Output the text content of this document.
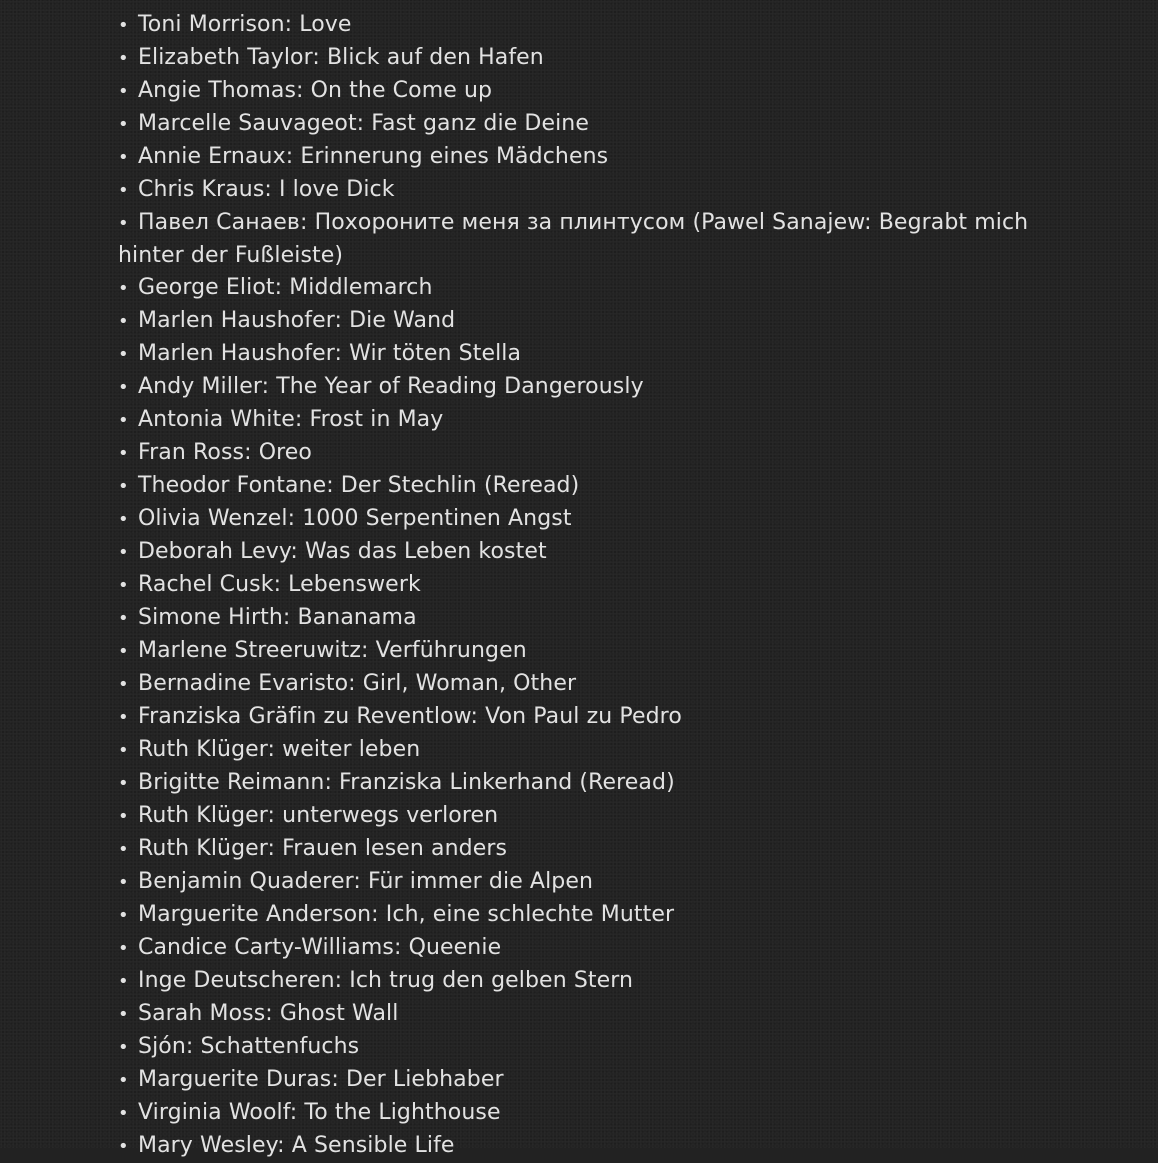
• Toni Morrison: Love
• Elizabeth Taylor: Blick auf den Hafen
• Angie Thomas: On the Come up
• Marcelle Sauvageot: Fast ganz die Deine
• Annie Ernaux: Erinnerung eines Mädchens
• Chris Kraus: I love Dick
• Павел Санаев: Похороните меня за плинтусом (Pawel Sanajew: Begrabt mich hinter der Fußleiste)
• George Eliot: Middlemarch
• Marlen Haushofer: Die Wand
• Marlen Haushofer: Wir töten Stella
• Andy Miller: The Year of Reading Dangerously
• Antonia White: Frost in May
• Fran Ross: Oreo
• Theodor Fontane: Der Stechlin (Reread)
• Olivia Wenzel: 1000 Serpentinen Angst
• Deborah Levy: Was das Leben kostet
• Rachel Cusk: Lebenswerk
• Simone Hirth: Bananama
• Marlene Streeruwitz: Verführungen
• Bernadine Evaristo: Girl, Woman, Other
• Franziska Gräfin zu Reventlow: Von Paul zu Pedro
• Ruth Klüger: weiter leben
• Brigitte Reimann: Franziska Linkerhand (Reread)
• Ruth Klüger: unterwegs verloren
• Ruth Klüger: Frauen lesen anders
• Benjamin Quaderer: Für immer die Alpen
• Marguerite Anderson: Ich, eine schlechte Mutter
• Candice Carty-Williams: Queenie
• Inge Deutscheren: Ich trug den gelben Stern
• Sarah Moss: Ghost Wall
• Sjón: Schattenfuchs
• Marguerite Duras: Der Liebhaber
• Virginia Woolf: To the Lighthouse
• Mary Wesley: A Sensible Life
